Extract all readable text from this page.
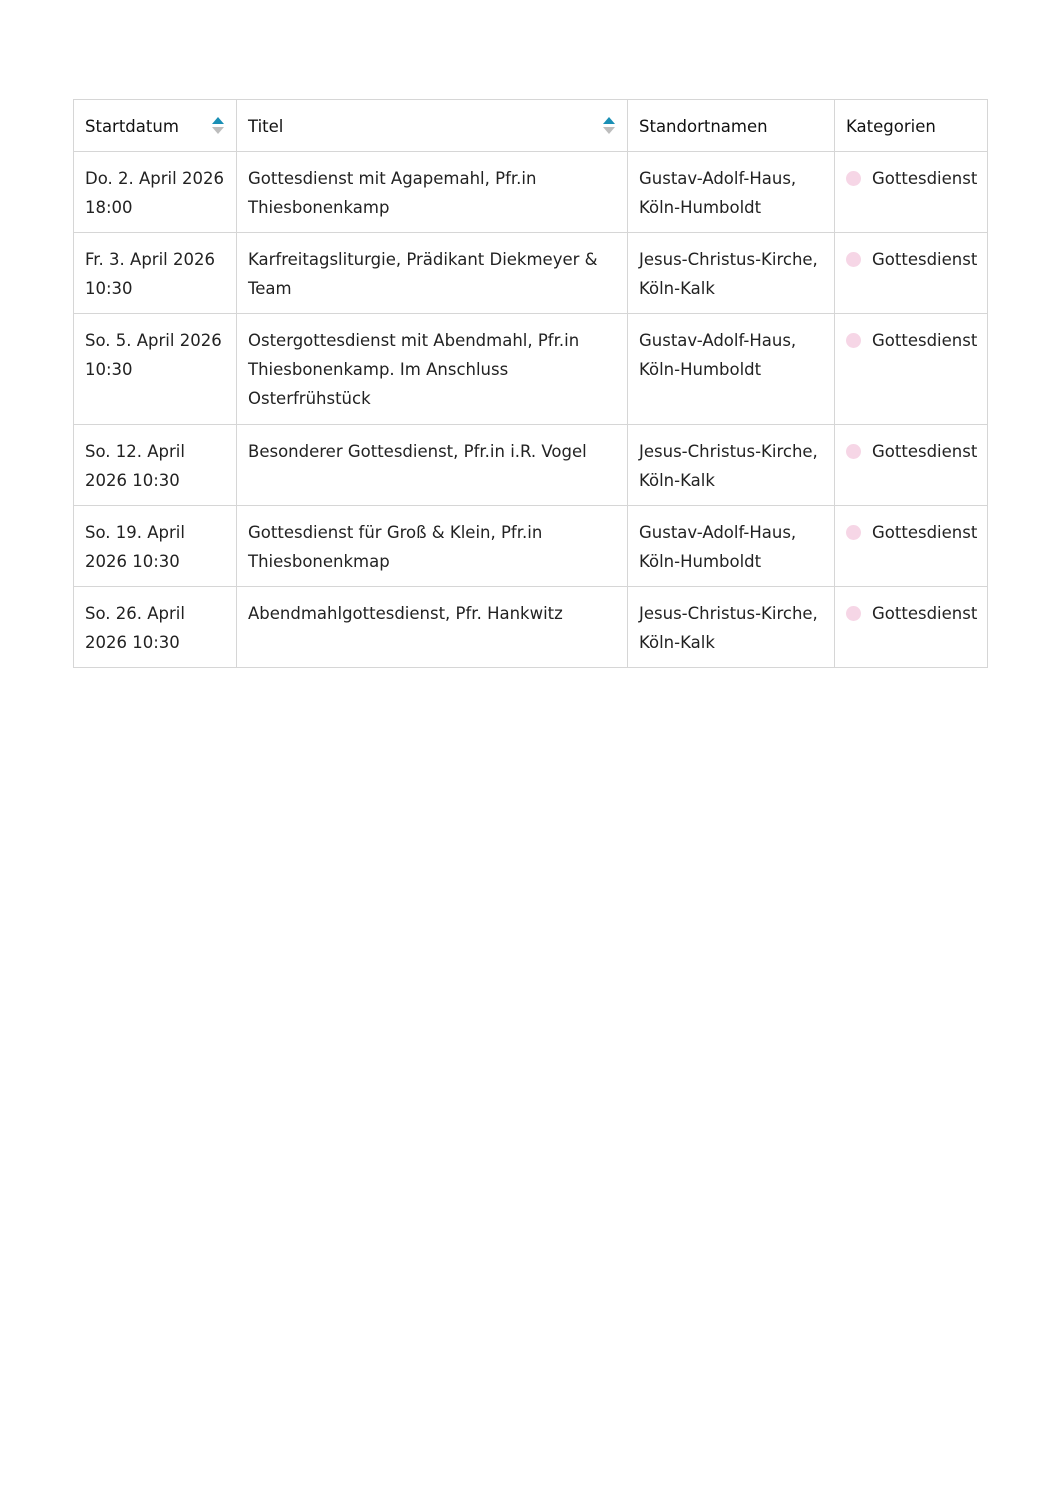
Startdatum	Titel	Standortnamen	Kategorien
Do. 2. April 2026 18:00	Gottesdienst mit Agapemahl, Pfr.in Thiesbonenkamp	Gustav-Adolf-Haus, Köln-Humboldt	Gottesdienst
Fr. 3. April 2026 10:30	Karfreitagsliturgie, Prädikant Diekmeyer & Team	Jesus-Christus-Kirche, Köln-Kalk	Gottesdienst
So. 5. April 2026 10:30	Ostergottesdienst mit Abendmahl, Pfr.in Thiesbonenkamp. Im Anschluss Osterfrühstück	Gustav-Adolf-Haus, Köln-Humboldt	Gottesdienst
So. 12. April 2026 10:30	Besonderer Gottesdienst, Pfr.in i.R. Vogel	Jesus-Christus-Kirche, Köln-Kalk	Gottesdienst
So. 19. April 2026 10:30	Gottesdienst für Groß & Klein, Pfr.in Thiesbonenkmap	Gustav-Adolf-Haus, Köln-Humboldt	Gottesdienst
So. 26. April 2026 10:30	Abendmahlgottesdienst, Pfr. Hankwitz	Jesus-Christus-Kirche, Köln-Kalk	Gottesdienst
